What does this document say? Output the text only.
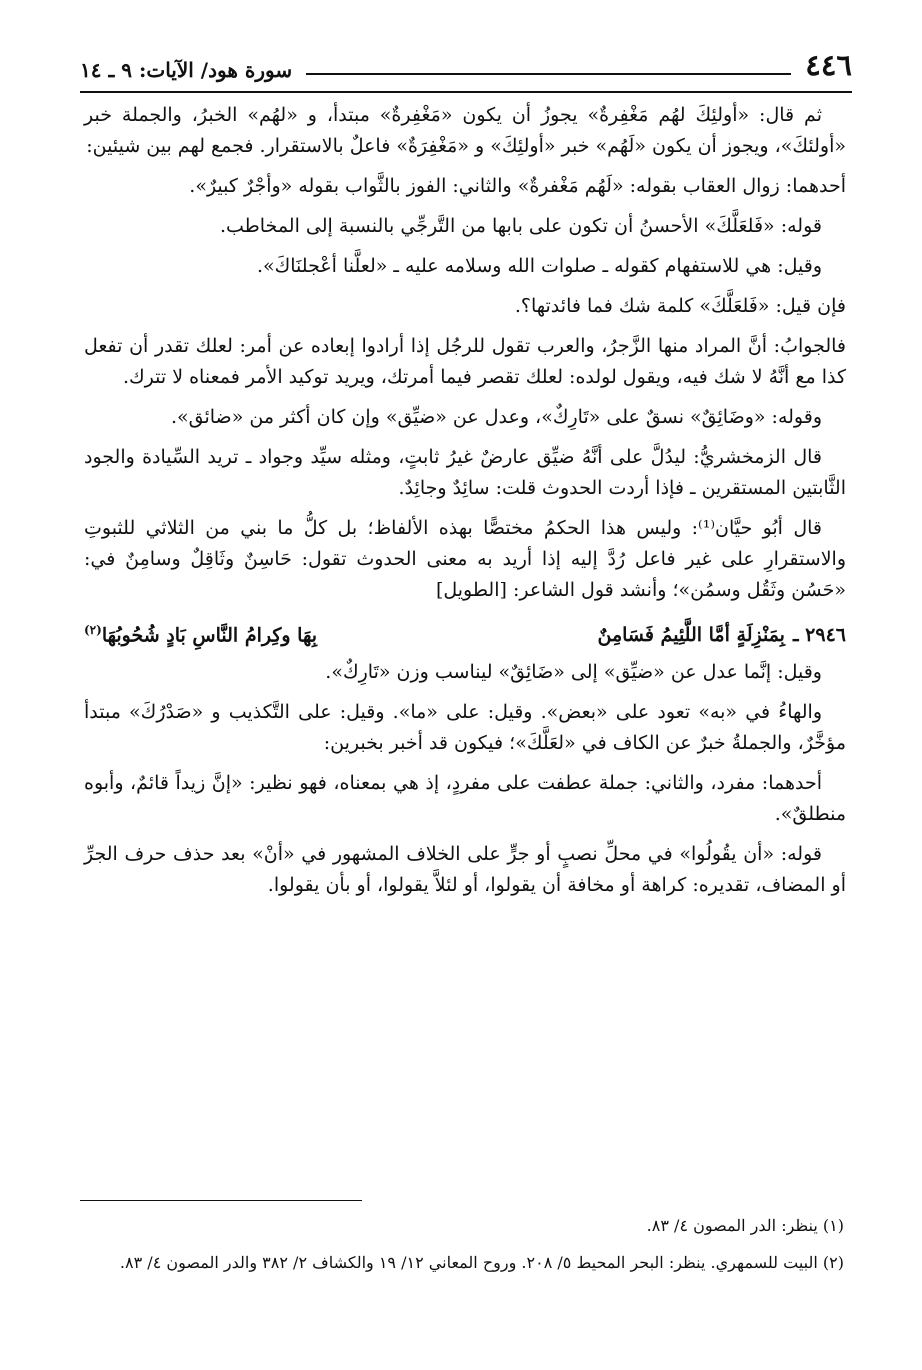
٤٤٦
سورة هود/ الآيات: ٩ ـ ١٤

ثم قال: «أولئِكَ لهُم مَغْفِرةٌ» يجوزُ أن يكون «مَغْفِرةٌ» مبتدأ، و «لهُم» الخبرُ، والجملة خبر «أولئكَ»، ويجوز أن يكون «لَهُم» خبر «أولئِكَ» و «مَغْفِرَةٌ» فاعلٌ بالاستقرار. فجمع لهم بين شيئين:

أحدهما: زوال العقاب بقوله: «لَهُم مَغْفرةٌ» والثاني: الفوز بالثَّواب بقوله «وأجْرٌ كبيرٌ».

قوله: «فَلعَلَّكَ» الأحسنُ أن تكون على بابها من التَّرجِّي بالنسبة إلى المخاطب.

وقيل: هي للاستفهام كقوله ـ صلوات الله وسلامه عليه ـ «لعلَّنا أعْجلنَاكَ».

فإن قيل: «فَلعَلَّكَ» كلمة شك فما فائدتها؟.

فالجوابُ: أنَّ المراد منها الزَّجرُ، والعرب تقول للرجُل إذا أرادوا إبعاده عن أمر: لعلك تقدر أن تفعل كذا مع أنَّهُ لا شك فيه، ويقول لولده: لعلك تقصر فيما أمرتك، ويريد توكيد الأمر فمعناه لا تترك.

وقوله: «وضَائِقٌ» نسقٌ على «تَارِكٌ»، وعدل عن «ضيِّق» وإن كان أكثر من «ضائق».

قال الزمخشريُّ: ليدُلَّ على أنَّهُ ضيِّق عارضٌ غيرُ ثابتٍ، ومثله سيِّد وجواد ـ تريد السِّيادة والجود الثَّابتين المستقرين ـ فإذا أردت الحدوث قلت: سائِدٌ وجائِدٌ.

قال أبُو حيَّان⁽¹⁾: وليس هذا الحكمُ مختصًّا بهذه الألفاظ؛ بل كلُّ ما بني من الثلاثي للثبوتِ والاستقرارِ على غير فاعل رُدَّ إليه إذا أريد به معنى الحدوث تقول: حَاسِنٌ وثَاقِلٌ وسامِنٌ في: «حَسُن وثَقُل وسمُن»؛ وأنشد قول الشاعر: [الطويل]

٢٩٤٦ ـ
بِمَنْزِلَةٍ أمَّا اللَّئِيمُ فَسَامِنٌ
بِهَا وكِرامُ النَّاسِ بَادٍ شُحُوبُهَا$^{(٢)}$

وقيل: إنَّما عدل عن «ضيِّق» إلى «ضَائِقٌ» ليناسب وزن «تَارِكٌ».

والهاءُ في «به» تعود على «بعض». وقيل: على «ما». وقيل: على التَّكذيب و «صَدْرُكَ» مبتدأ مؤخَّرٌ، والجملةُ خبرٌ عن الكاف في «لعَلَّكَ»؛ فيكون قد أخبر بخبرين:

أحدهما: مفرد، والثاني: جملة عطفت على مفردٍ، إذ هي بمعناه، فهو نظير: «إنَّ زيداً قائمٌ، وأبوه منطلقٌ».

قوله: «أن يقُولُوا» في محلِّ نصبٍ أو جرٍّ على الخلاف المشهور في «أنْ» بعد حذف حرف الجرِّ أو المضاف، تقديره: كراهة أو مخافة أن يقولوا، أو لئلاَّ يقولوا، أو بأن يقولوا.

(١) ينظر: الدر المصون ٤/ ٨٣.

(٢) البيت للسمهري. ينظر: البحر المحيط ٥/ ٢٠٨. وروح المعاني ١٢/ ١٩ والكشاف ٢/ ٣٨٢ والدر المصون ٤/ ٨٣.
